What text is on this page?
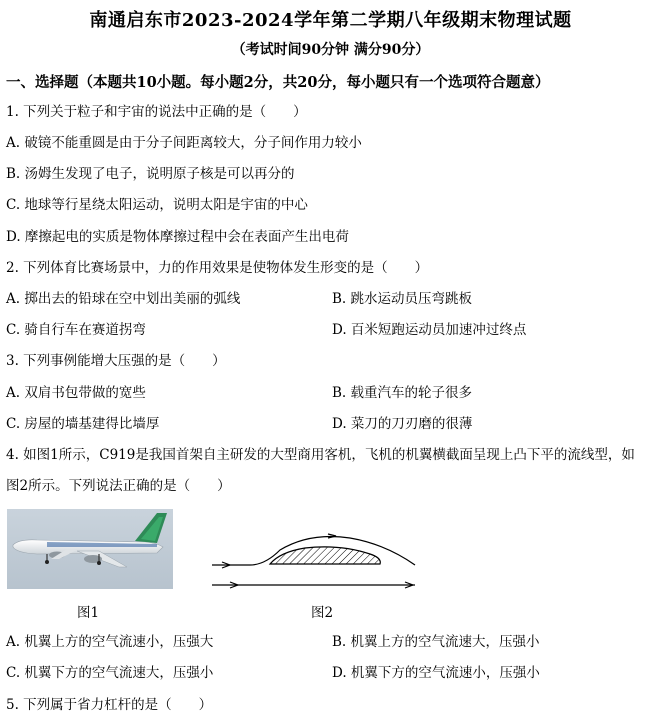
南通启东市2023-2024学年第二学期八年级期末物理试题
（考试时间90分钟 满分90分）
一、选择题（本题共10小题。每小题2分，共20分，每小题只有一个选项符合题意）
1. 下列关于粒子和宇宙的说法中正确的是（　　）
A. 破镜不能重圆是由于分子间距离较大，分子间作用力较小
B. 汤姆生发现了电子，说明原子核是可以再分的
C. 地球等行星绕太阳运动，说明太阳是宇宙的中心
D. 摩擦起电的实质是物体摩擦过程中会在表面产生出电荷
2. 下列体育比赛场景中，力的作用效果是使物体发生形变的是（　　）
A. 掷出去的铅球在空中划出美丽的弧线	B. 跳水运动员压弯跳板
C. 骑自行车在赛道拐弯	D. 百米短跑运动员加速冲过终点
3. 下列事例能增大压强的是（　　）
A. 双肩书包带做的宽些	B. 载重汽车的轮子很多
C. 房屋的墙基建得比墙厚	D. 菜刀的刀刃磨的很薄
4. 如图1所示，C919是我国首架自主研发的大型商用客机，飞机的机翼横截面呈现上凸下平的流线型，如
图2所示。下列说法正确的是（　　）
图1	图2
A. 机翼上方的空气流速小，压强大	B. 机翼上方的空气流速大，压强小
C. 机翼下方的空气流速大，压强小	D. 机翼下方的空气流速小，压强小
5. 下列属于省力杠杆的是（　　）
